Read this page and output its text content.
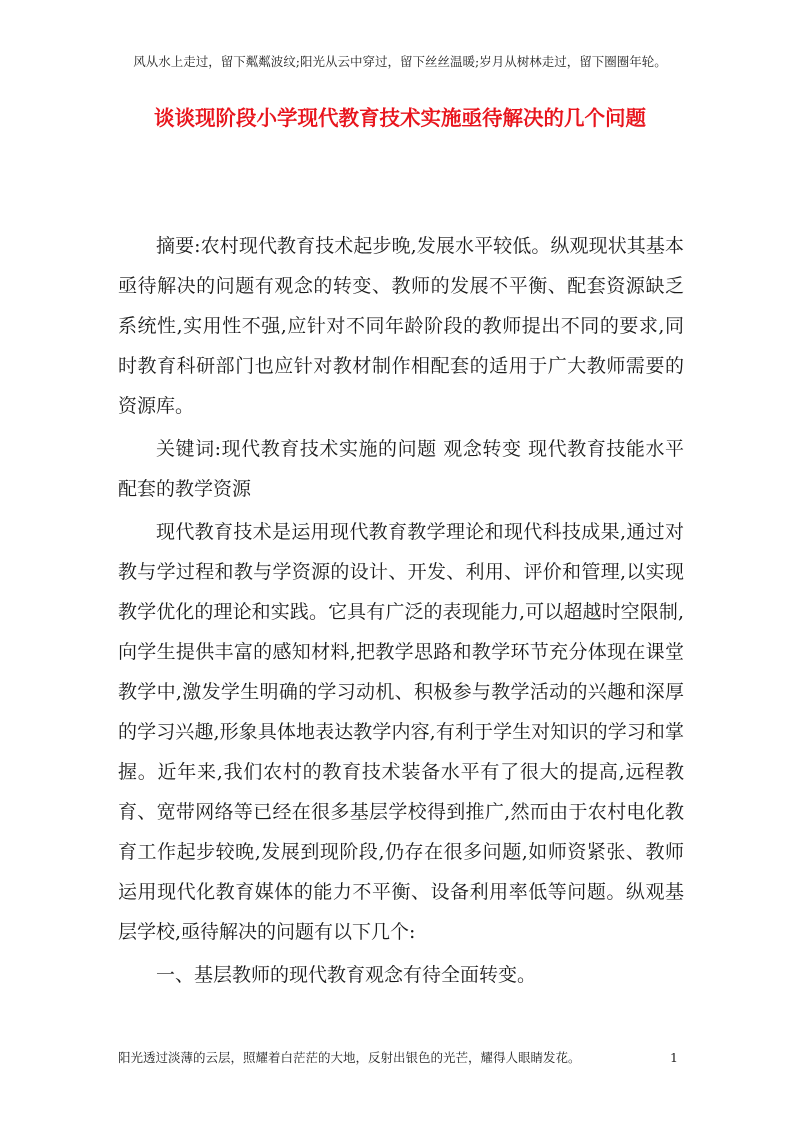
风从水上走过，留下粼粼波纹;阳光从云中穿过，留下丝丝温暖;岁月从树林走过，留下圈圈年轮。
谈谈现阶段小学现代教育技术实施亟待解决的几个问题

摘要:农村现代教育技术起步晚,发展水平较低。纵观现状其基本亟待解决的问题有观念的转变、教师的发展不平衡、配套资源缺乏系统性,实用性不强,应针对不同年龄阶段的教师提出不同的要求,同时教育科研部门也应针对教材制作相配套的适用于广大教师需要的资源库。

关键词:现代教育技术实施的问题 观念转变 现代教育技能水平 配套的教学资源

现代教育技术是运用现代教育教学理论和现代科技成果,通过对教与学过程和教与学资源的设计、开发、利用、评价和管理,以实现教学优化的理论和实践。它具有广泛的表现能力,可以超越时空限制,向学生提供丰富的感知材料,把教学思路和教学环节充分体现在课堂教学中,激发学生明确的学习动机、积极参与教学活动的兴趣和深厚的学习兴趣,形象具体地表达教学内容,有利于学生对知识的学习和掌握。近年来,我们农村的教育技术装备水平有了很大的提高,远程教育、宽带网络等已经在很多基层学校得到推广,然而由于农村电化教育工作起步较晚,发展到现阶段,仍存在很多问题,如师资紧张、教师运用现代化教育媒体的能力不平衡、设备利用率低等问题。纵观基层学校,亟待解决的问题有以下几个:

一、基层教师的现代教育观念有待全面转变。

阳光透过淡薄的云层，照耀着白茫茫的大地，反射出银色的光芒，耀得人眼睛发花。	1
